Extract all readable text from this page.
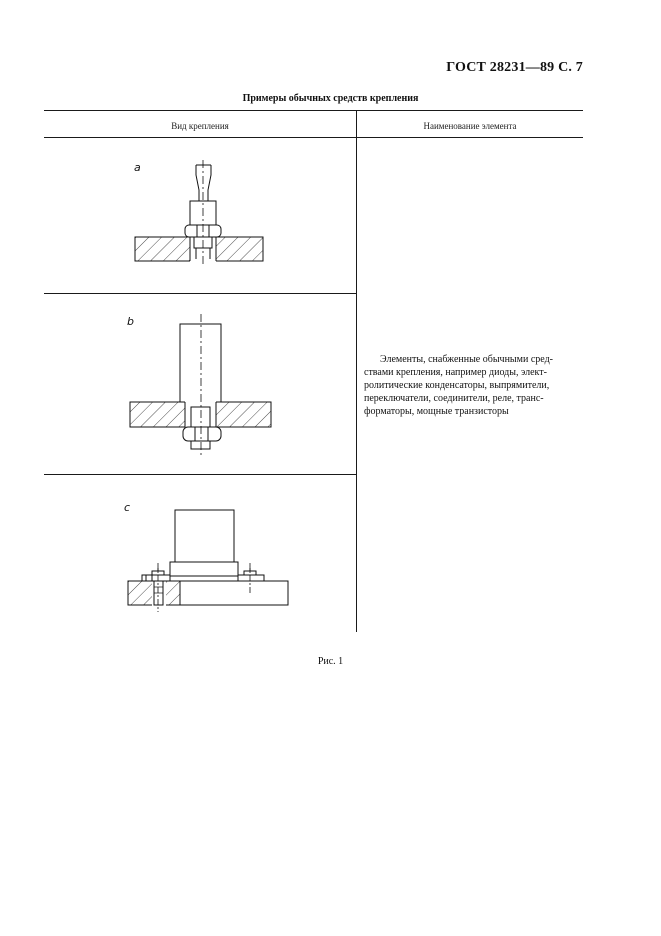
ГОСТ 28231—89 С. 7
Примеры обычных средств крепления
Вид крепления	Наименование элемента
a
b
c
Элементы, снабженные обычными сред-
ствами крепления, например диоды, элект-
ролитические конденсаторы, выпрямители,
переключатели, соединители, реле, транс-
форматоры, мощные транзисторы
Рис. 1
